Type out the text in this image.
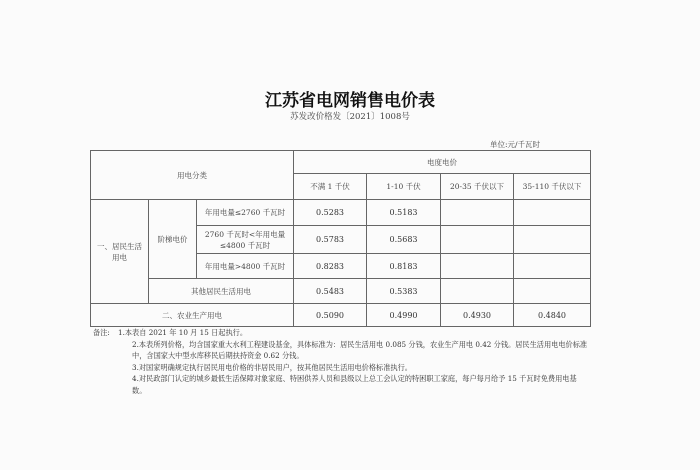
江苏省电网销售电价表
苏发改价格发〔2021〕1008号
单位:元/千瓦时
用电分类			电度电价			
			不满 1 千伏	1-10 千伏	20-35 千伏以下	35-110 千伏以下
一、居民生活用电	阶梯电价	年用电量≤2760 千瓦时	0.5283	0.5183		
		2760 千瓦时<年用电量≤4800 千瓦时	0.5783	0.5683		
		年用电量>4800 千瓦时	0.8283	0.8183		
	其他居民生活用电		0.5483	0.5383		
二、农业生产用电			0.5090	0.4990	0.4930	0.4840
备注: 1.本表自 2021 年 10 月 15 日起执行。
2.本表所列价格，均含国家重大水利工程建设基金，具体标准为：居民生活用电 0.085 分钱，农业生产用电 0.42 分钱。居民生活用电电价标准中，含国家大中型水库移民后期扶持资金 0.62 分钱。
3.对国家明确规定执行居民用电价格的非居民用户，按其他居民生活用电价格标准执行。
4.对民政部门认定的城乡最低生活保障对象家庭、特困供养人员和县级以上总工会认定的特困职工家庭，每户每月给予 15 千瓦时免费用电基数。
